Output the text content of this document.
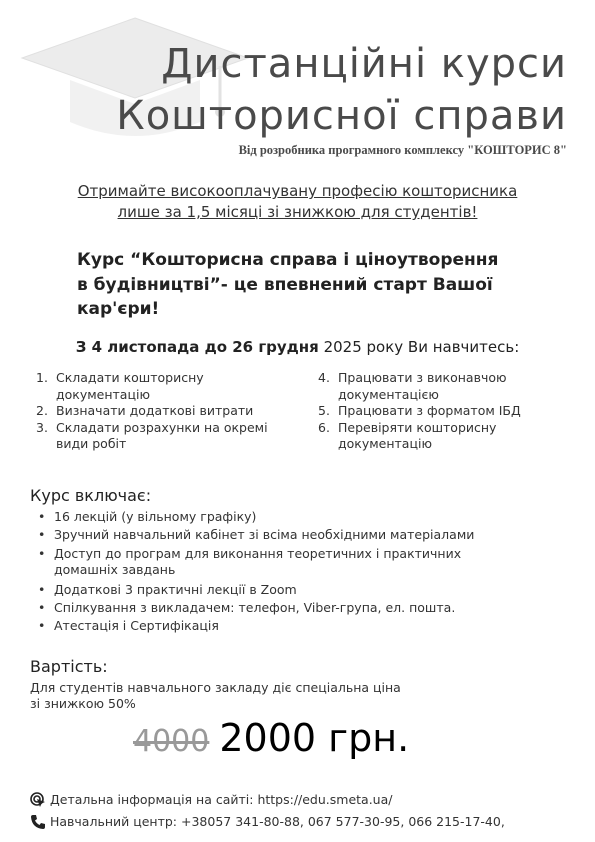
Дистанційні курси
Кошторисної справи
Від розробника програмного комплексу "КОШТОРИС 8"
Отримайте високооплачувану професію кошторисника
лише за 1,5 місяці зі знижкою для студентів!
Курс “Кошторисна справа і ціноутворення
в будівництві”- це впевнений старт Вашої
кар'єри!
З 4 листопада до 26 грудня 2025 року Ви навчитесь:
1. Складати кошторисну
документацію
2. Визначати додаткові витрати
3. Складати розрахунки на окремі
види робіт
4. Працювати з виконавчою
документацією
5. Працювати з форматом ІБД
6. Перевіряти кошторисну
документацію
Курс включає:
• 16 лекцій (у вільному графіку)
• Зручний навчальний кабінет зі всіма необхідними матеріалами
• Доступ до програм для виконання теоретичних і практичних домашніх завдань
• Додаткові 3 практичні лекції в Zoom
• Спілкування з викладачем: телефон, Viber-група, ел. пошта.
• Атестація і Сертифікація
Вартість:
Для студентів навчального закладу діє спеціальна ціна
зі знижкою 50%
4000 2000 грн.
Детальна інформація на сайті: https://edu.smeta.ua/
Навчальний центр: +38057 341-80-88, 067 577-30-95, 066 215-17-40,
